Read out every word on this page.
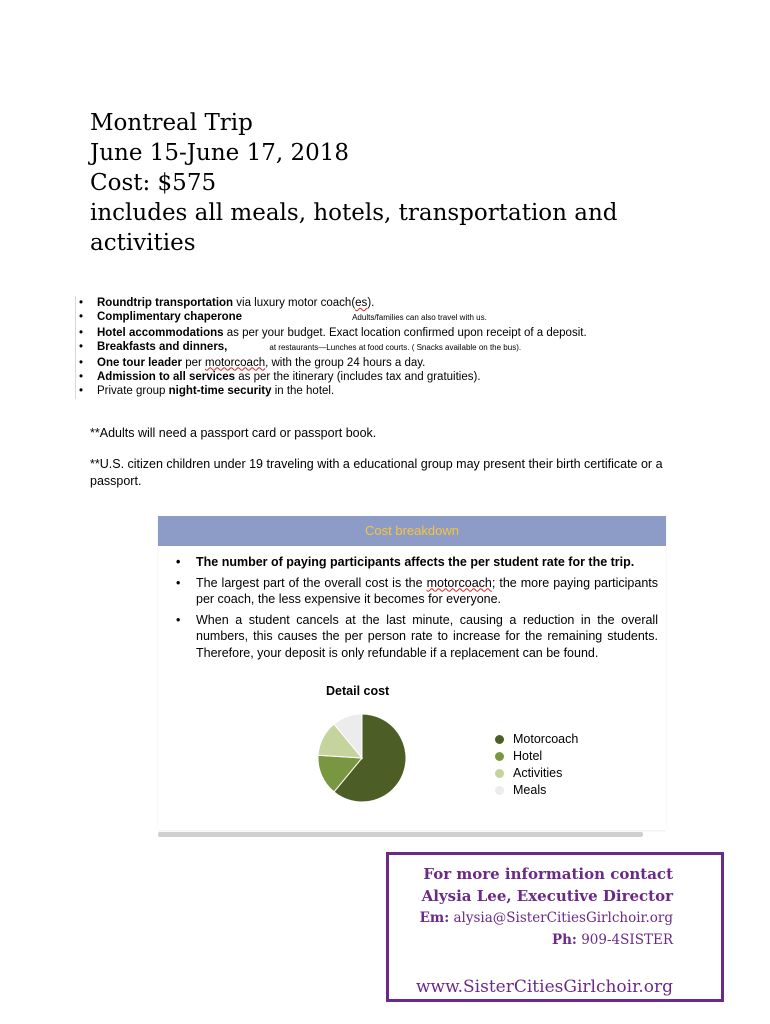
Montreal Trip
June 15-June 17, 2018
Cost: $575
includes all meals, hotels, transportation and
activities
• Roundtrip transportation via luxury motor coach(es).
• Complimentary chaperone	Adults/families can also travel with us.
• Hotel accommodations as per your budget. Exact location confirmed upon receipt of a deposit.
• Breakfasts and dinners,	at restaurants—Lunches at food courts. ( Snacks available on the bus).
• One tour leader per motorcoach, with the group 24 hours a day.
• Admission to all services as per the itinerary (includes tax and gratuities).
• Private group night-time security in the hotel.

**Adults will need a passport card or passport book.

**U.S. citizen children under 19 traveling with a educational group may present their birth certificate or a passport.

Cost breakdown
• The number of paying participants affects the per student rate for the trip.
• The largest part of the overall cost is the motorcoach; the more paying participants per coach, the less expensive it becomes for everyone.
• When a student cancels at the last minute, causing a reduction in the overall numbers, this causes the per person rate to increase for the remaining students. Therefore, your deposit is only refundable if a replacement can be found.
Detail cost
Motorcoach
Hotel
Activities
Meals
For more information contact
Alysia Lee, Executive Director
Em: alysia@SisterCitiesGirlchoir.org
Ph: 909-4SISTER
www.SisterCitiesGirlchoir.org
